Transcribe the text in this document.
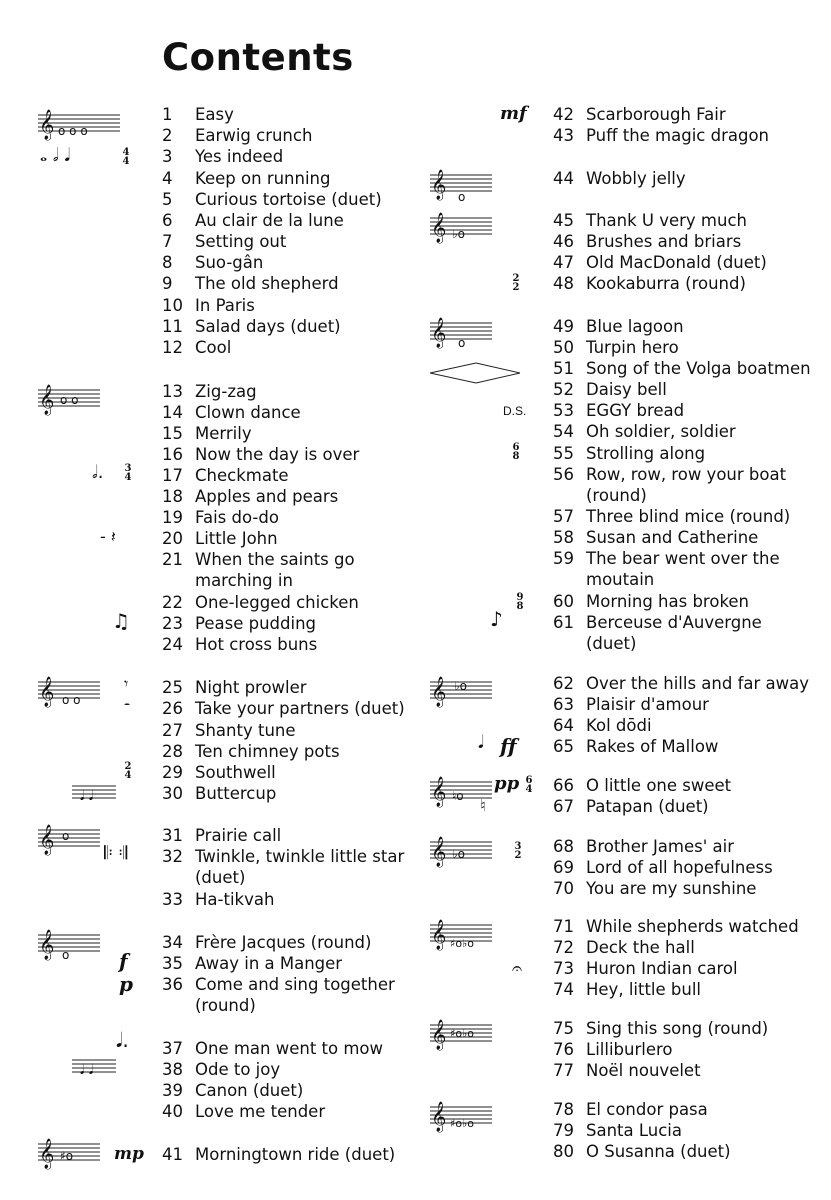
Contents
1	Easy
2	Earwig crunch
3	Yes indeed
4	Keep on running
5	Curious tortoise (duet)
6	Au clair de la lune
7	Setting out
8	Suo-gân
9	The old shepherd
10 In Paris
11 Salad days (duet)
12 Cool
13 Zig-zag
14 Clown dance
15 Merrily
16 Now the day is over
17 Checkmate
18 Apples and pears
19 Fais do-do
20 Little John
21 When the saints go
marching in
22 One-legged chicken
23 Pease pudding
24 Hot cross buns
25 Night prowler
26 Take your partners (duet)
27 Shanty tune
28 Ten chimney pots
29 Southwell
30 Buttercup
31 Prairie call
32 Twinkle, twinkle little star
(duet)
33 Ha-tikvah
34 Frère Jacques (round)
35 Away in a Manger
36 Come and sing together
(round)
37 One man went to mow
38 Ode to joy
39 Canon (duet)
40 Love me tender
41 Morningtown ride (duet)
42 Scarborough Fair
43 Puff the magic dragon
44 Wobbly jelly
45 Thank U very much
46 Brushes and briars
47 Old MacDonald (duet)
48 Kookaburra (round)
49 Blue lagoon
50 Turpin hero
51 Song of the Volga boatmen
52 Daisy bell
53 EGGY bread
54 Oh soldier, soldier
55 Strolling along
56 Row, row, row your boat
(round)
57 Three blind mice (round)
58 Susan and Catherine
59 The bear went over the
moutain
60 Morning has broken
61 Berceuse d'Auvergne
(duet)
62 Over the hills and far away
63 Plaisir d'amour
64 Kol dōdi
65 Rakes of Mallow
66 O little one sweet
67 Patapan (duet)
68 Brother James' air
69 Lord of all hopefulness
70 You are my sunshine
71 While shepherds watched
72 Deck the hall
73 Huron Indian carol
74 Hey, little bull
75 Sing this song (round)
76 Lilliburlero
77 Noël nouvelet
78 El condor pasa
79 Santa Lucia
80 O Susanna (duet)
𝄞 o o o
𝅝 𝅗𝅥 𝅘𝅥	4
4
𝄞 o o
𝅗𝅥. 3
4
- 𝄽
♫
𝄞 o o
𝄾
𝄼
2
4
𝅘𝅥 𝅘𝅥
𝄞 o
𝄆 𝄇
𝄞 o f
p
𝅘𝅥.
𝅘𝅥 𝅘𝅥
𝄞 ♯o mp
mf
𝄞 o
𝄞 ♭o
2
2
𝄞 o
D.S.
6
8
9
8
♪
𝄞 ♭o
𝅘𝅥 ff
𝄞 ♮o
pp 6
4
♮
𝄞 ♭o
3
2
𝄞 ♯o♭o
𝄐
𝄞 ♯o♭o
𝄞 ♯o♭o
